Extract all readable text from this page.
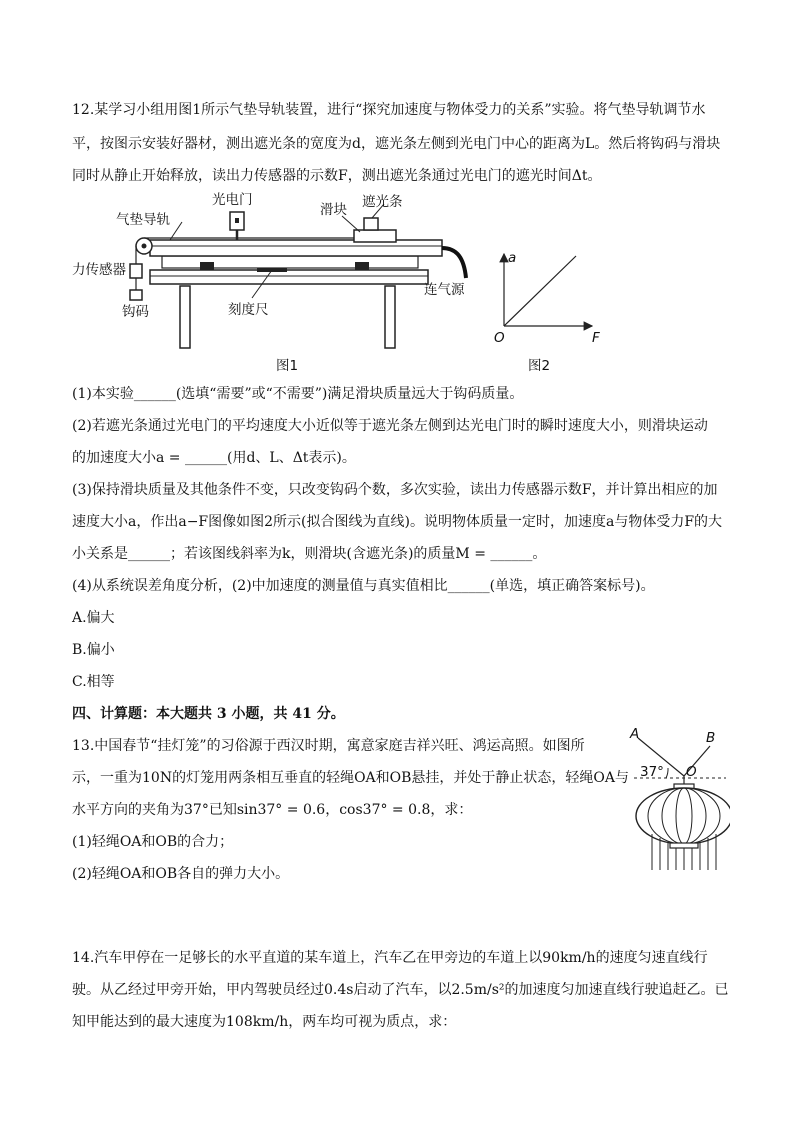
12.某学习小组用图1所示气垫导轨装置，进行“探究加速度与物体受力的关系”实验。将气垫导轨调节水
平，按图示安装好器材，测出遮光条的宽度为d，遮光条左侧到光电门中心的距离为L。然后将钩码与滑块
同时从静止开始释放，读出力传感器的示数F，测出遮光条通过光电门的遮光时间Δt。
光电门
滑块 遮光条
气垫导轨
力传感器
钩码	刻度尺
连气源
图1
a
F
O
图2
(1)本实验______(选填“需要”或“不需要”)满足滑块质量远大于钩码质量。
(2)若遮光条通过光电门的平均速度大小近似等于遮光条左侧到达光电门时的瞬时速度大小，则滑块运动
的加速度大小a = ______(用d、L、Δt表示)。
(3)保持滑块质量及其他条件不变，只改变钩码个数，多次实验，读出力传感器示数F，并计算出相应的加
速度大小a，作出a−F图像如图2所示(拟合图线为直线)。说明物体质量一定时，加速度a与物体受力F的大
小关系是______；若该图线斜率为k，则滑块(含遮光条)的质量M = ______。
(4)从系统误差角度分析，(2)中加速度的测量值与真实值相比______(单选，填正确答案标号)。
A.偏大
B.偏小
C.相等
四、计算题：本大题共 3 小题，共 41 分。
13.中国春节“挂灯笼”的习俗源于西汉时期，寓意家庭吉祥兴旺、鸿运高照。如图所
示，一重为10N的灯笼用两条相互垂直的轻绳OA和OB悬挂，并处于静止状态，轻绳OA与
水平方向的夹角为37°已知sin37° = 0.6，cos37° = 0.8，求：
(1)轻绳OA和OB的合力；
(2)轻绳OA和OB各自的弹力大小。
A	B
O
37°
14.汽车甲停在一足够长的水平直道的某车道上，汽车乙在甲旁边的车道上以90km/h的速度匀速直线行
驶。从乙经过甲旁开始，甲内驾驶员经过0.4s启动了汽车，以2.5m/s²的加速度匀加速直线行驶追赶乙。已
知甲能达到的最大速度为108km/h，两车均可视为质点，求：
